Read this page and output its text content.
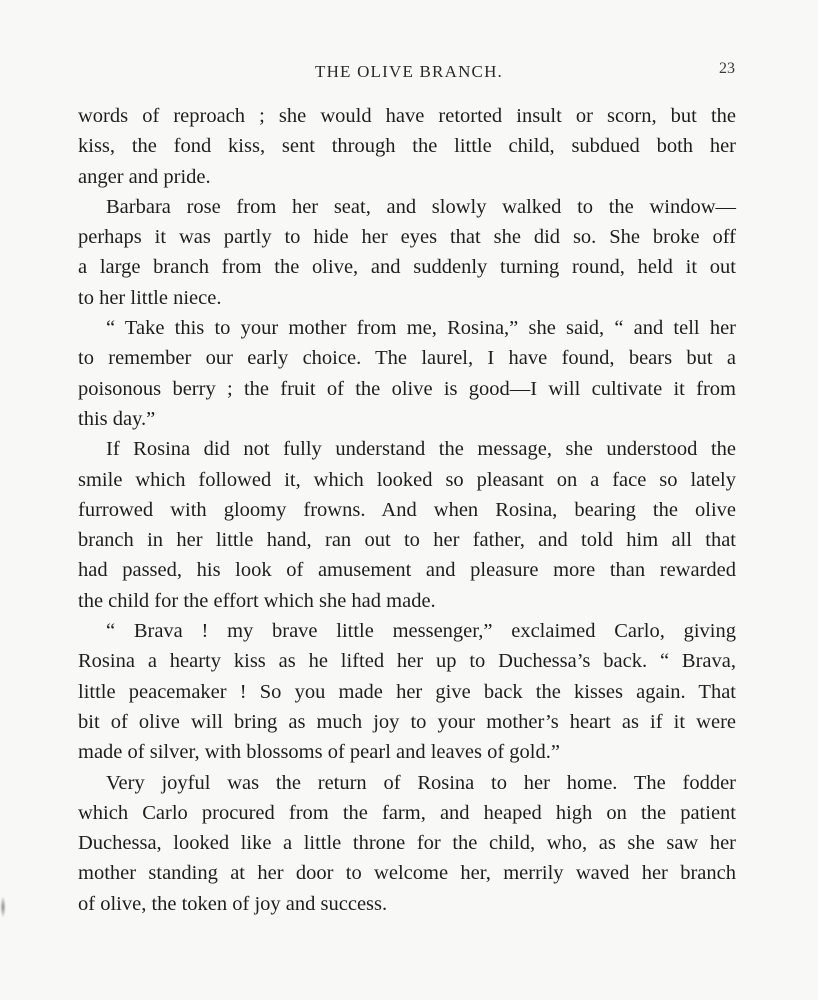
THE OLIVE BRANCH.	23
words of reproach ; she would have retorted insult or scorn, but the
kiss, the fond kiss, sent through the little child, subdued both her
anger and pride.
Barbara rose from her seat, and slowly walked to the window—
perhaps it was partly to hide her eyes that she did so. She broke off
a large branch from the olive, and suddenly turning round, held it out
to her little niece.
“ Take this to your mother from me, Rosina,” she said, “ and tell her
to remember our early choice. The laurel, I have found, bears but a
poisonous berry ; the fruit of the olive is good—I will cultivate it from
this day.”
If Rosina did not fully understand the message, she understood the
smile which followed it, which looked so pleasant on a face so lately
furrowed with gloomy frowns. And when Rosina, bearing the olive
branch in her little hand, ran out to her father, and told him all that
had passed, his look of amusement and pleasure more than rewarded
the child for the effort which she had made.
“ Brava ! my brave little messenger,” exclaimed Carlo, giving
Rosina a hearty kiss as he lifted her up to Duchessa’s back. “ Brava,
little peacemaker ! So you made her give back the kisses again. That
bit of olive will bring as much joy to your mother’s heart as if it were
made of silver, with blossoms of pearl and leaves of gold.”
Very joyful was the return of Rosina to her home. The fodder
which Carlo procured from the farm, and heaped high on the patient
Duchessa, looked like a little throne for the child, who, as she saw her
mother standing at her door to welcome her, merrily waved her branch
of olive, the token of joy and success.
